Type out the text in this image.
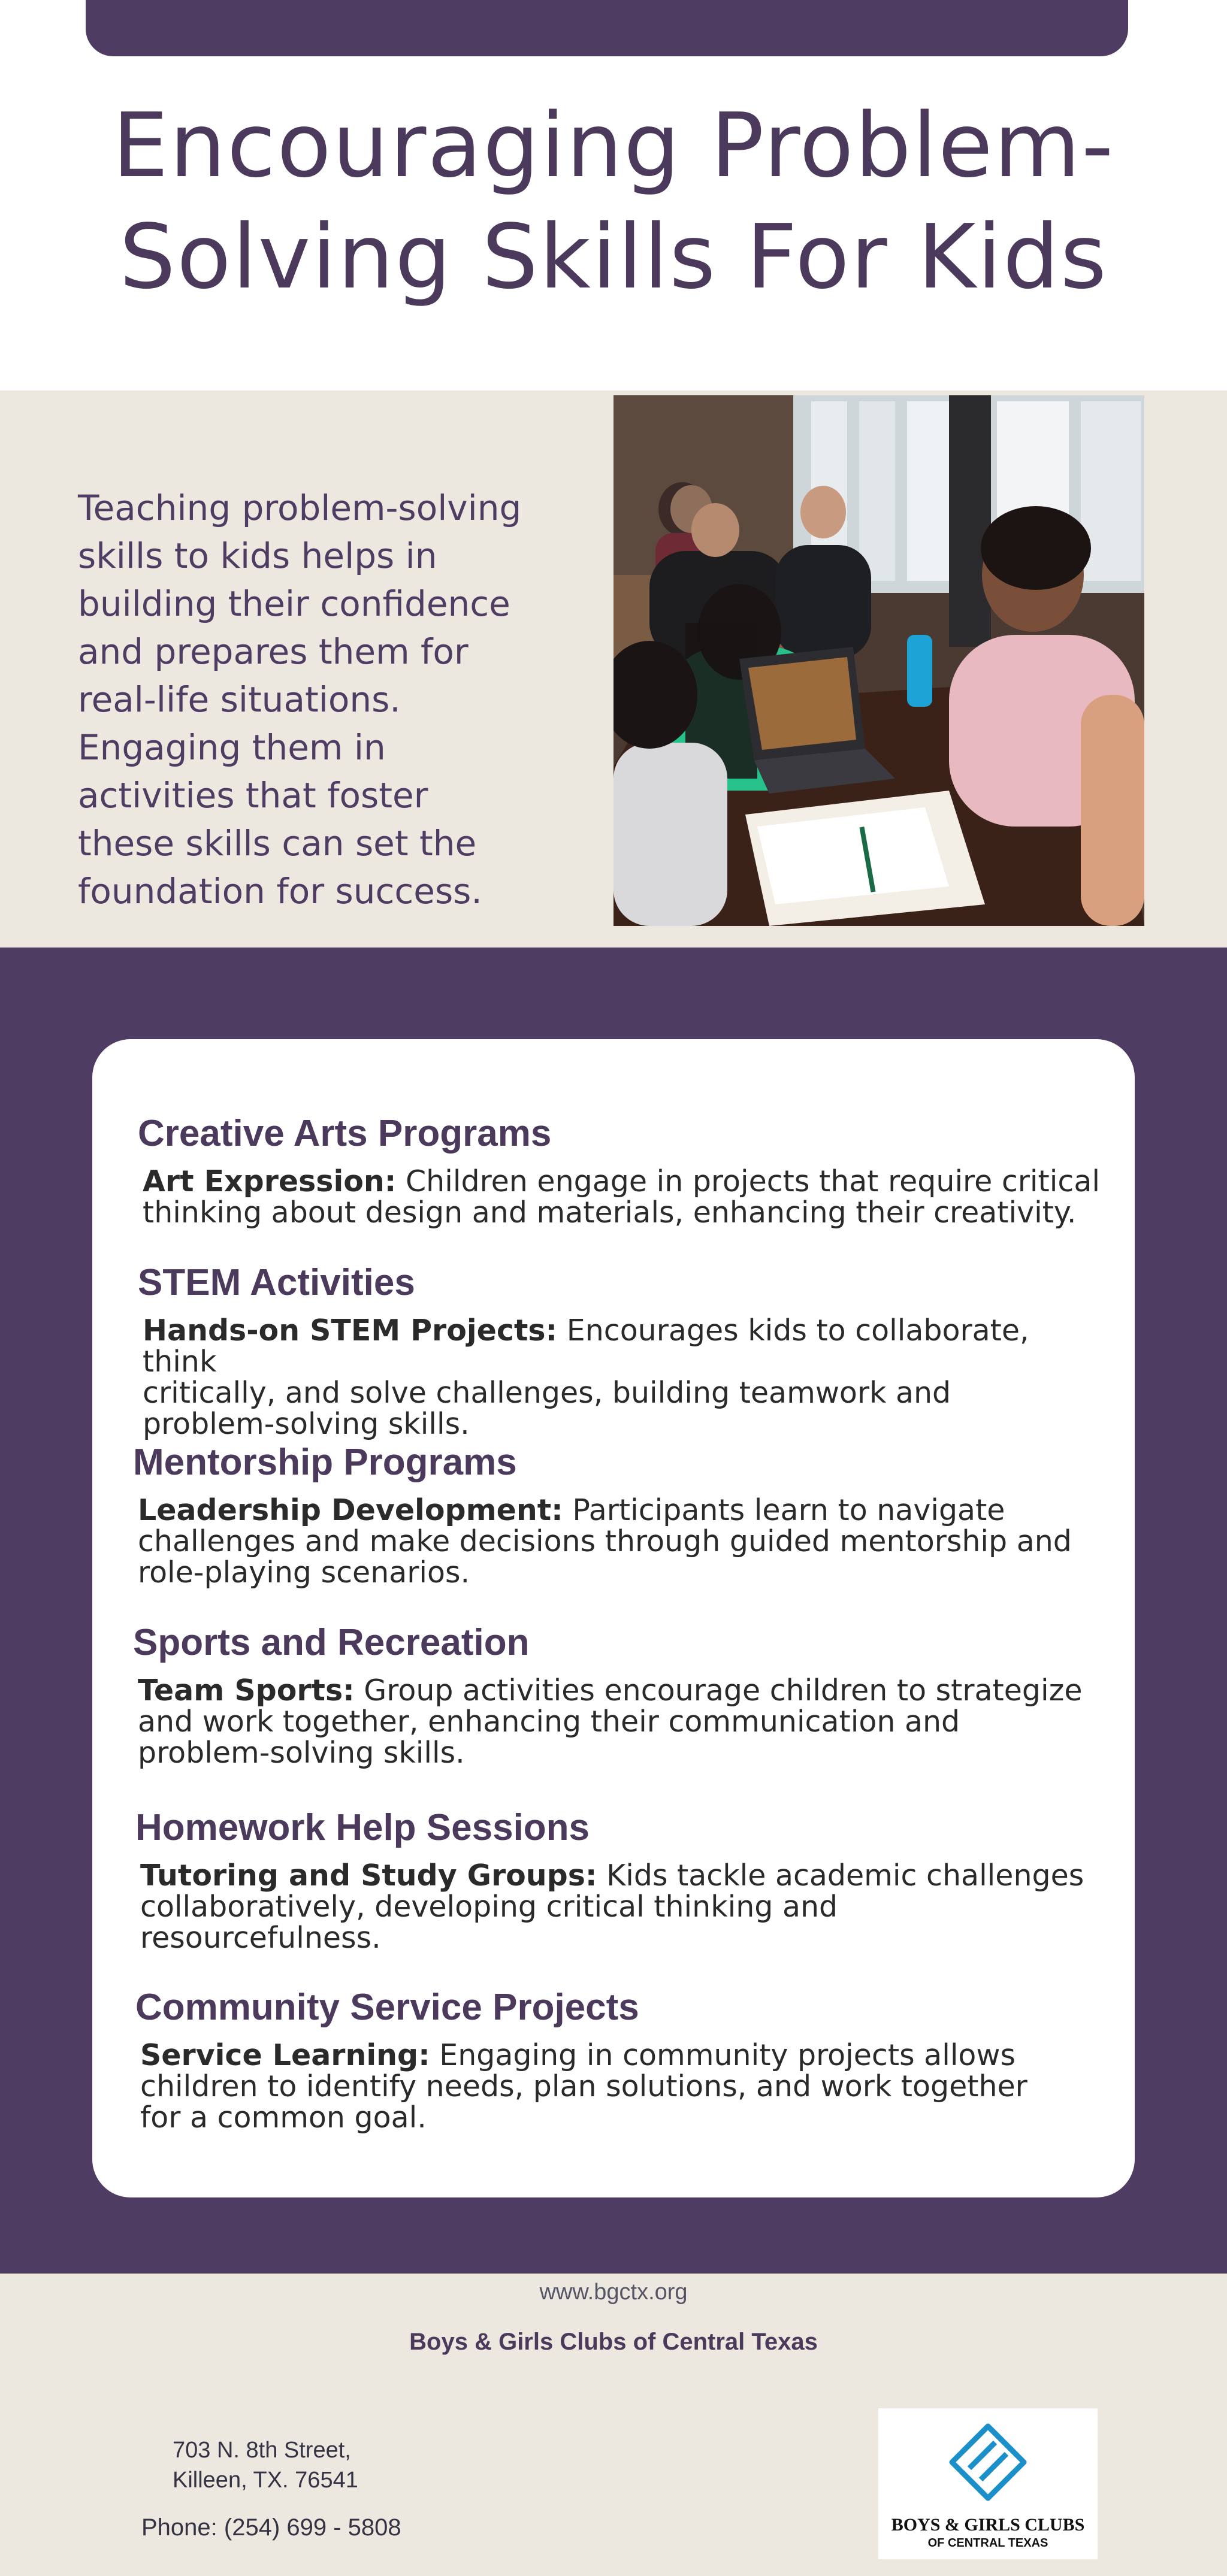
Encouraging Problem-
Solving Skills For Kids
Teaching problem-solving
skills to kids helps in
building their confidence
and prepares them for
real-life situations.
Engaging them in
activities that foster
these skills can set the
foundation for success.
Creative Arts Programs

Art Expression: Children engage in projects that require critical
thinking about design and materials, enhancing their creativity.

STEM Activities

Hands-on STEM Projects: Encourages kids to collaborate, think
critically, and solve challenges, building teamwork and
problem-solving skills.

Mentorship Programs

Leadership Development: Participants learn to navigate
challenges and make decisions through guided mentorship and
role-playing scenarios.

Sports and Recreation

Team Sports: Group activities encourage children to strategize
and work together, enhancing their communication and
problem-solving skills.

Homework Help Sessions

Tutoring and Study Groups: Kids tackle academic challenges
collaboratively, developing critical thinking and
resourcefulness.

Community Service Projects

Service Learning: Engaging in community projects allows
children to identify needs, plan solutions, and work together
for a common goal.

www.bgctx.org
Boys & Girls Clubs of Central Texas
703 N. 8th Street,
Killeen, TX. 76541
Phone: (254) 699 - 5808	BOYS & GIRLS CLUBS
OF CENTRAL TEXAS
